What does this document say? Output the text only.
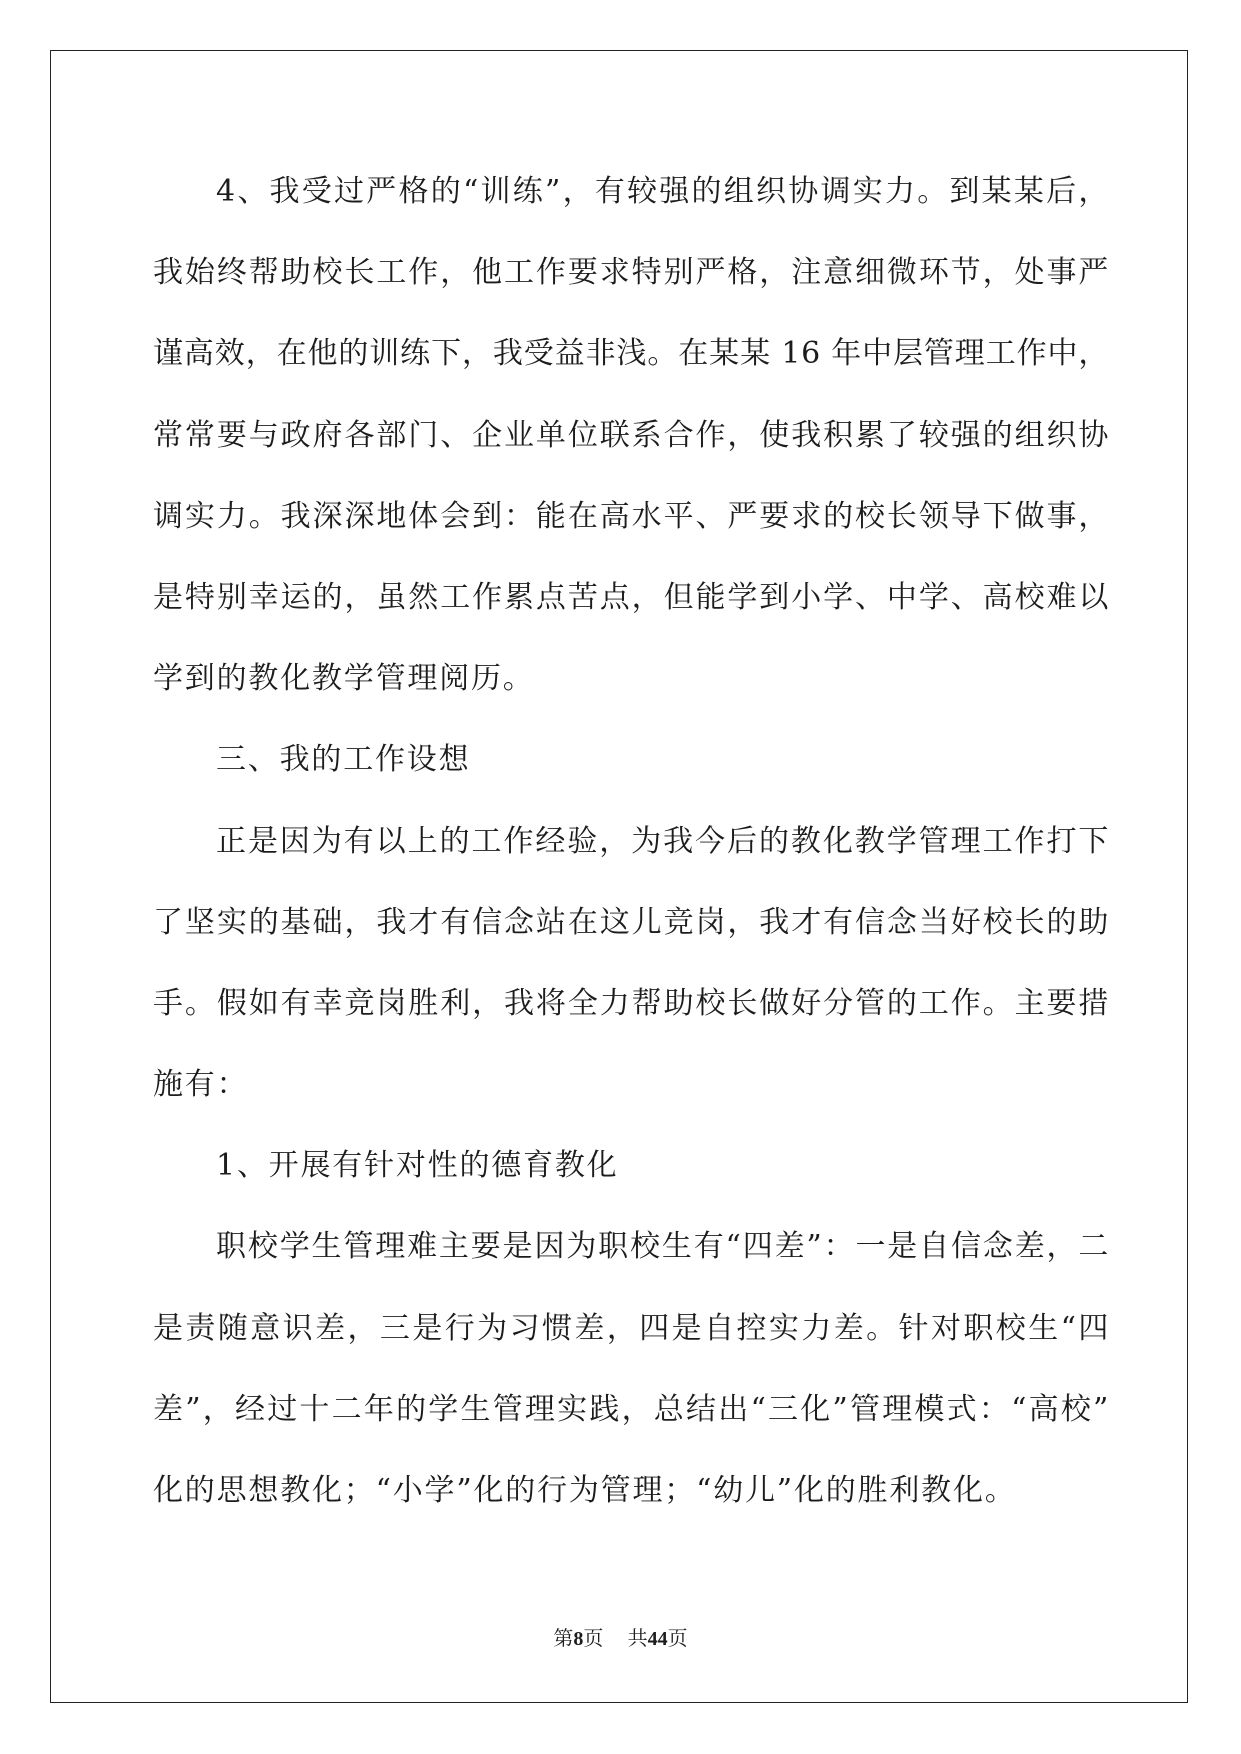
4、我受过严格的“训练”，有较强的组织协调实力。到某某后，
我始终帮助校长工作，他工作要求特别严格，注意细微环节，处事严
谨高效，在他的训练下，我受益非浅。在某某 16 年中层管理工作中，
常常要与政府各部门、企业单位联系合作，使我积累了较强的组织协
调实力。我深深地体会到：能在高水平、严要求的校长领导下做事，
是特别幸运的，虽然工作累点苦点，但能学到小学、中学、高校难以
学到的教化教学管理阅历。
三、我的工作设想
正是因为有以上的工作经验，为我今后的教化教学管理工作打下
了坚实的基础，我才有信念站在这儿竞岗，我才有信念当好校长的助
手。假如有幸竞岗胜利，我将全力帮助校长做好分管的工作。主要措
施有：
1、开展有针对性的德育教化
职校学生管理难主要是因为职校生有“四差”：一是自信念差，二
是责随意识差，三是行为习惯差，四是自控实力差。针对职校生“四
差”，经过十二年的学生管理实践，总结出“三化”管理模式：“高校”
化的思想教化；“小学”化的行为管理；“幼儿”化的胜利教化。
第8页 共44页
